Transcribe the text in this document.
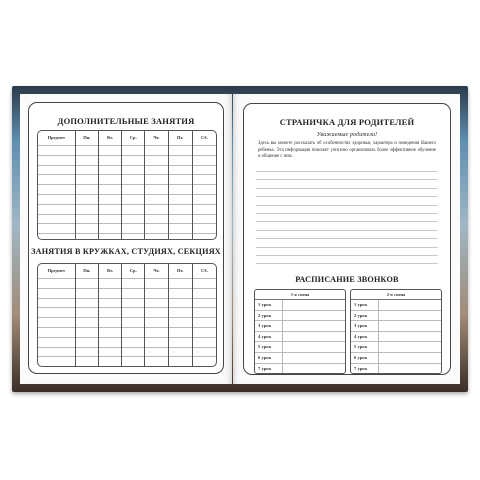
ДОПОЛНИТЕЛЬНЫЕ ЗАНЯТИЯ
Предмет	Пн.	Вт.	Ср.	Чт.	Пт.	Сб.
ЗАНЯТИЯ В КРУЖКАХ, СТУДИЯХ, СЕКЦИЯХ
Предмет	Пн.	Вт.	Ср.	Чт.	Пт.	Сб.
СТРАНИЧКА ДЛЯ РОДИТЕЛЕЙ
Уважаемые родители!
Здесь вы можете рассказать об особенностях здоровья, характера и поведения Вашего ребенка. Эта информация поможет учителю организовать более эффективное обучение и общение с ним.
РАСПИСАНИЕ ЗВОНКОВ
1-я смена
1 урок
2 урок
3 урок
4 урок
5 урок
6 урок
7 урок
2-я смена
1 урок
2 урок
3 урок
4 урок
5 урок
6 урок
7 урок
